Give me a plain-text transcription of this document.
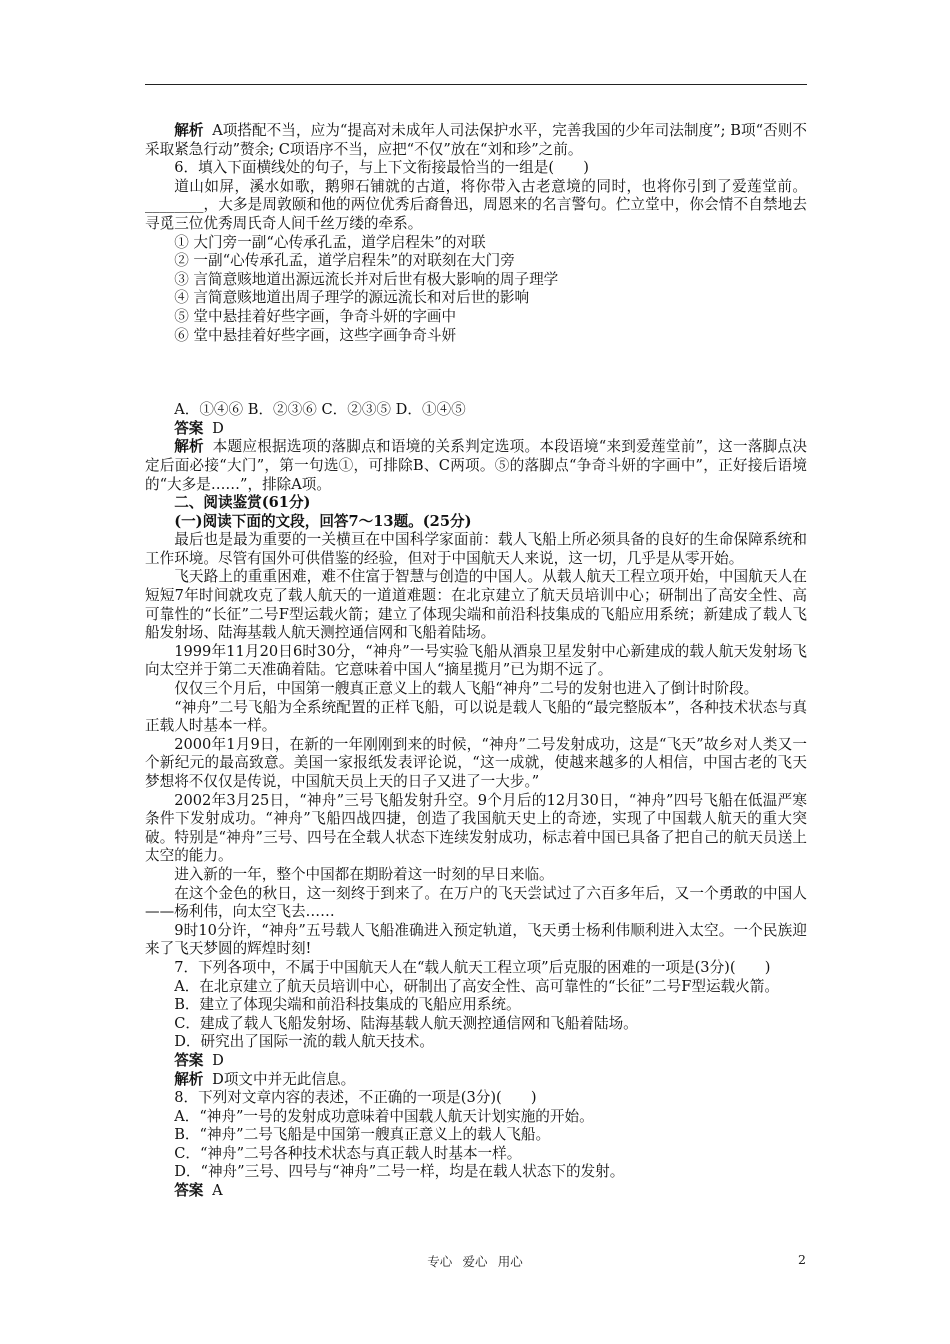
解析 A项搭配不当，应为“提高对未成年人司法保护水平，完善我国的少年司法制度”; B项“否则不采取紧急行动”赘余; C项语序不当，应把“不仅”放在“刘和珍”之前。

6．填入下面横线处的句子，与上下文衔接最恰当的一组是(　　)

道山如屏，溪水如歌，鹅卵石铺就的古道，将你带入古老意境的同时，也将你引到了爱莲堂前。________，大多是周敦颐和他的两位优秀后裔鲁迅，周恩来的名言警句。伫立堂中，你会情不自禁地去寻觅三位优秀周氏奇人间千丝万缕的牵系。

① 大门旁一副“心传承孔孟，道学启程朱”的对联

② 一副“心传承孔孟，道学启程朱”的对联刻在大门旁

③ 言简意赅地道出源远流长并对后世有极大影响的周子理学

④ 言简意赅地道出周子理学的源远流长和对后世的影响

⑤ 堂中悬挂着好些字画，争奇斗妍的字画中

⑥ 堂中悬挂着好些字画，这些字画争奇斗妍

A．①④⑥ B．②③⑥ C．②③⑤ D．①④⑤

答案 D

解析 本题应根据选项的落脚点和语境的关系判定选项。本段语境“来到爱莲堂前”，这一落脚点决定后面必接“大门”，第一句选①，可排除B、C两项。⑤的落脚点“争奇斗妍的字画中”，正好接后语境的“大多是……”，排除A项。

二、阅读鉴赏(61分)

(一)阅读下面的文段，回答7～13题。(25分)

最后也是最为重要的一关横亘在中国科学家面前：载人飞船上所必须具备的良好的生命保障系统和工作环境。尽管有国外可供借鉴的经验，但对于中国航天人来说，这一切，几乎是从零开始。

飞天路上的重重困难，难不住富于智慧与创造的中国人。从载人航天工程立项开始，中国航天人在短短7年时间就攻克了载人航天的一道道难题：在北京建立了航天员培训中心；研制出了高安全性、高可靠性的“长征”二号F型运载火箭；建立了体现尖端和前沿科技集成的飞船应用系统；新建成了载人飞船发射场、陆海基载人航天测控通信网和飞船着陆场。

1999年11月20日6时30分，“神舟”一号实验飞船从酒泉卫星发射中心新建成的载人航天发射场飞向太空并于第二天准确着陆。它意味着中国人“摘星揽月”已为期不远了。

仅仅三个月后，中国第一艘真正意义上的载人飞船“神舟”二号的发射也进入了倒计时阶段。

“神舟”二号飞船为全系统配置的正样飞船，可以说是载人飞船的“最完整版本”，各种技术状态与真正载人时基本一样。

2000年1月9日，在新的一年刚刚到来的时候，“神舟”二号发射成功，这是“飞天”故乡对人类又一个新纪元的最高致意。美国一家报纸发表评论说，“这一成就，使越来越多的人相信，中国古老的飞天梦想将不仅仅是传说，中国航天员上天的日子又进了一大步。”

2002年3月25日，“神舟”三号飞船发射升空。9个月后的12月30日，“神舟”四号飞船在低温严寒条件下发射成功。“神舟”飞船四战四捷，创造了我国航天史上的奇迹，实现了中国载人航天的重大突破。特别是“神舟”三号、四号在全载人状态下连续发射成功，标志着中国已具备了把自己的航天员送上太空的能力。

进入新的一年，整个中国都在期盼着这一时刻的早日来临。

在这个金色的秋日，这一刻终于到来了。在万户的飞天尝试过了六百多年后，又一个勇敢的中国人——杨利伟，向太空飞去……

9时10分许，“神舟”五号载人飞船准确进入预定轨道，飞天勇士杨利伟顺利进入太空。一个民族迎来了飞天梦圆的辉煌时刻!

7．下列各项中，不属于中国航天人在“载人航天工程立项”后克服的困难的一项是(3分)(　　)

A．在北京建立了航天员培训中心，研制出了高安全性、高可靠性的“长征”二号F型运载火箭。

B．建立了体现尖端和前沿科技集成的飞船应用系统。

C．建成了载人飞船发射场、陆海基载人航天测控通信网和飞船着陆场。

D．研究出了国际一流的载人航天技术。

答案 D

解析 D项文中并无此信息。

8．下列对文章内容的表述，不正确的一项是(3分)(　　)

A．“神舟”一号的发射成功意味着中国载人航天计划实施的开始。

B．“神舟”二号飞船是中国第一艘真正意义上的载人飞船。

C．“神舟”二号各种技术状态与真正载人时基本一样。

D．“神舟”三号、四号与“神舟”二号一样，均是在载人状态下的发射。

答案 A

专心 爱心 用心	2
